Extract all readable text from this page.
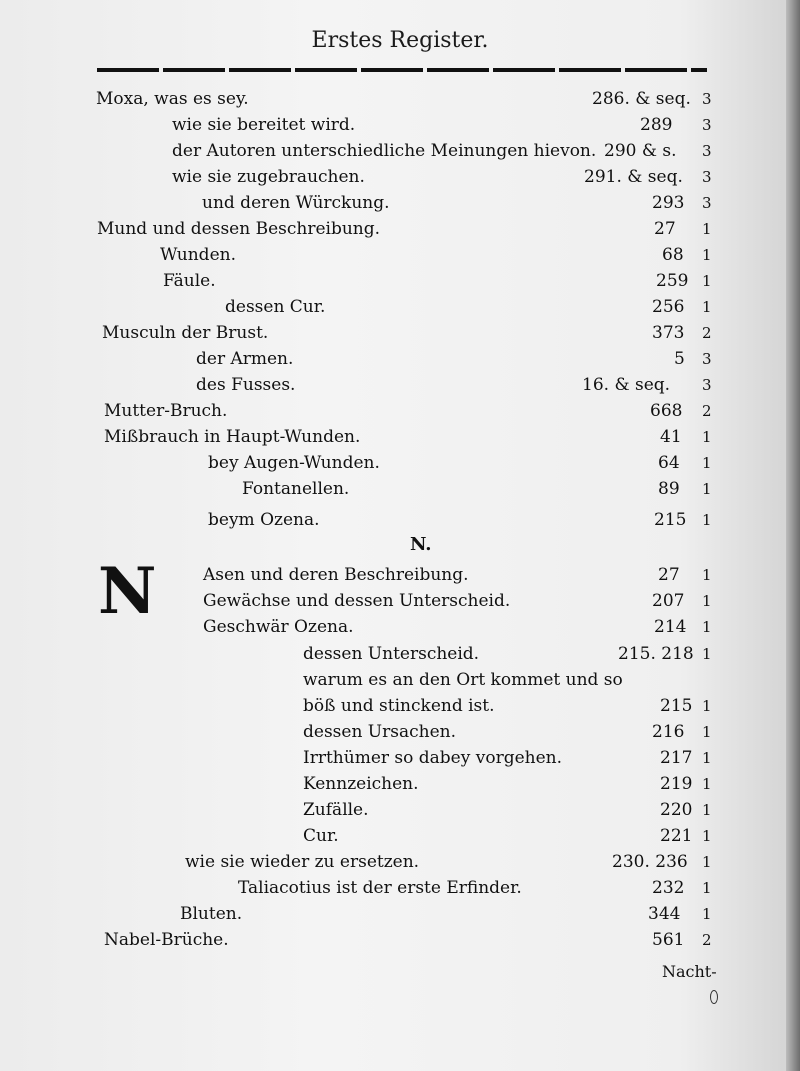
Erstes Register.
Moxa, was es sey.	286. & seq. 3
wie sie bereitet wird.	289 3
der Autoren unterschiedliche Meinungen hievon. 290 & s. 3
wie sie zugebrauchen.	291. & seq. 3
und deren Würckung.	293 3
Mund und dessen Beschreibung.	27 1
Wunden.	68 1
Fäule.	259 1
dessen Cur.	256 1
Musculn der Brust.	373 2
der Armen.	5 3
des Fusses.	16. & seq. 3
Mutter-Bruch.	668 2
Mißbrauch in Haupt-Wunden.	41 1
bey Augen-Wunden.	64 1
Fontanellen.	89 1
beym Ozena.	215 1
Asen und deren Beschreibung.	27 1
Gewächse und dessen Unterscheid.	207 1
Geschwär Ozena.	214 1
dessen Unterscheid.	215. 218 1
warum es an den Ort kommet und so
böß und stinckend ist.	215 1
dessen Ursachen.	216 1
Irrthümer so dabey vorgehen.	217 1
Kennzeichen.	219 1
Zufälle.	220 1
Cur.	221 1
wie sie wieder zu ersetzen.	230. 236 1
Taliacotius ist der erste Erfinder.	232 1
Bluten.	344 1
Nabel-Brüche.	561 2
N.
N
Nacht-
